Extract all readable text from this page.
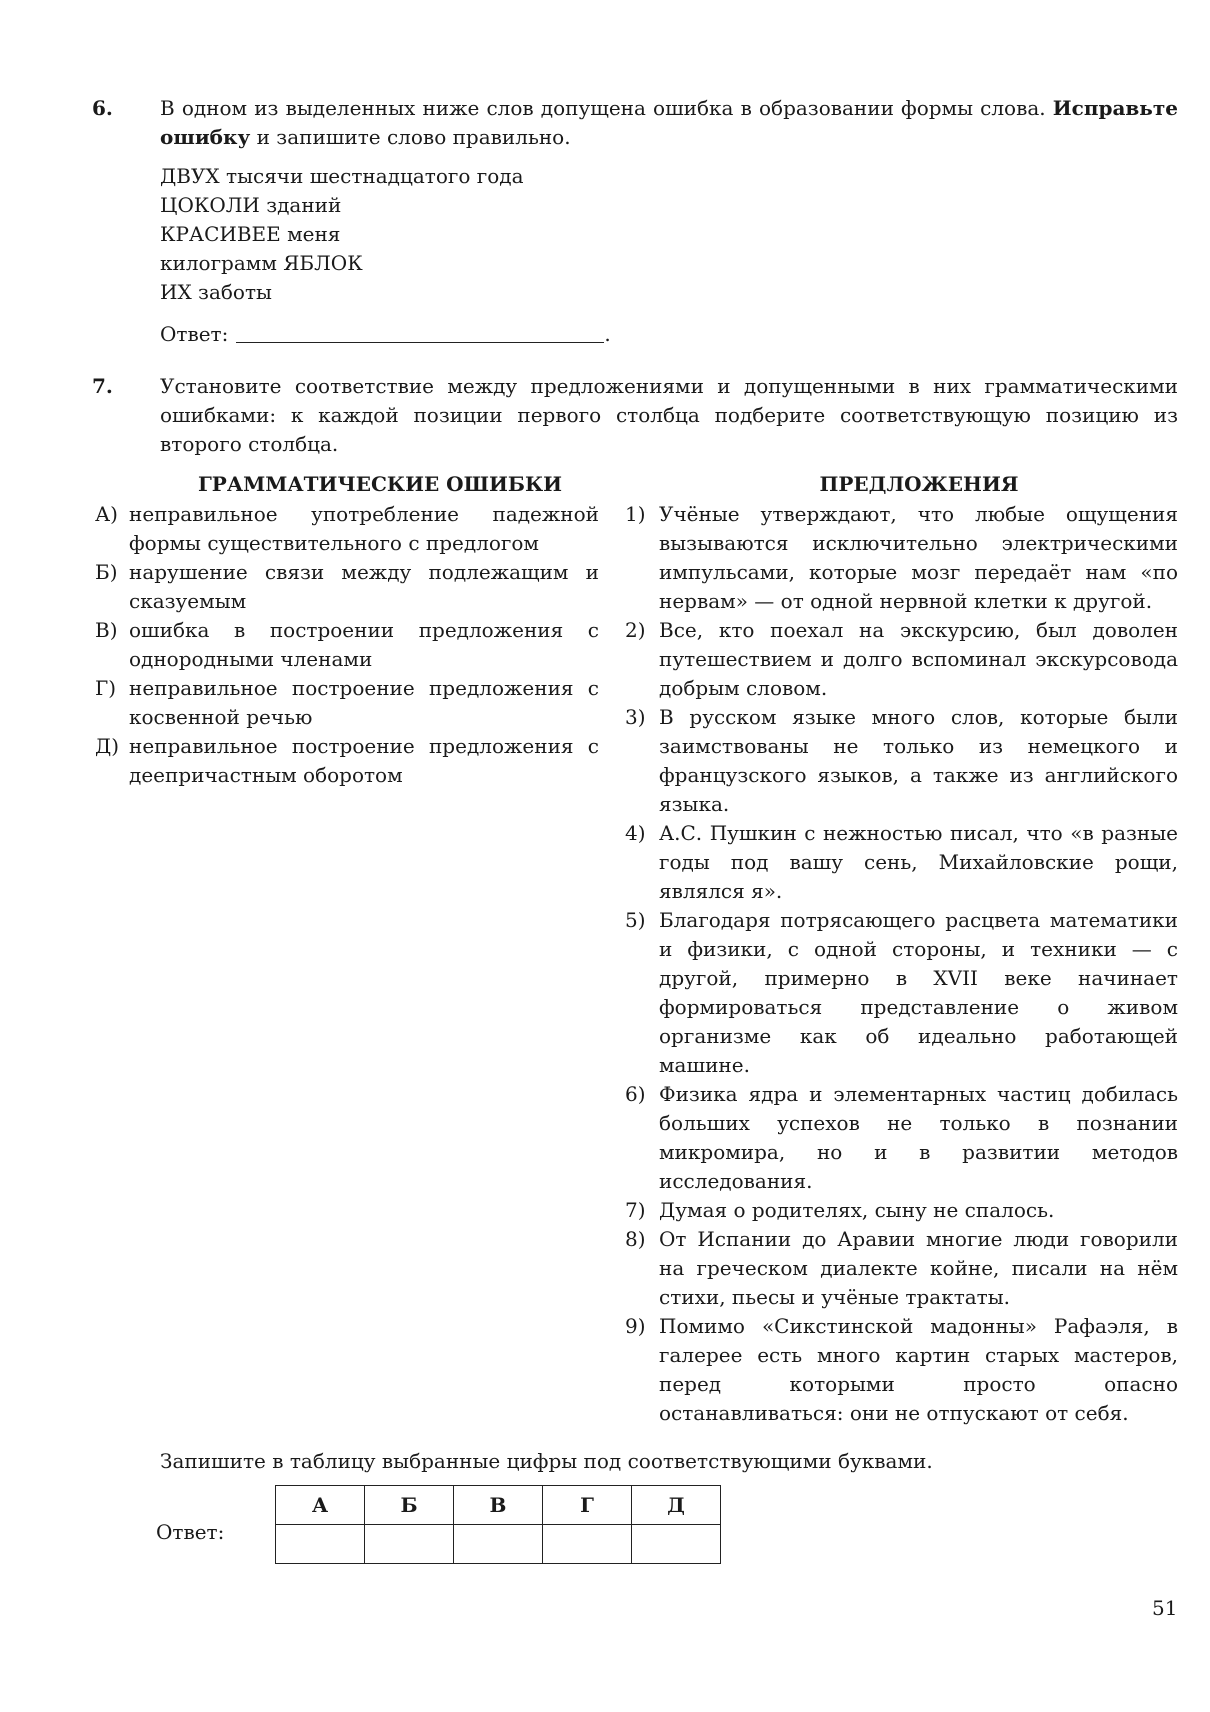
6. В одном из выделенных ниже слов допущена ошибка в образовании формы слова. Исправьте ошибку и запишите слово правильно.
ДВУХ тысячи шестнадцатого года
ЦОКОЛИ зданий
КРАСИВЕЕ меня
килограмм ЯБЛОК
ИХ заботы
Ответ:	.
7. Установите соответствие между предложениями и допущенными в них грамматическими ошибками: к каждой позиции первого столбца подберите соответствующую позицию из второго столбца.
ГРАММАТИЧЕСКИЕ ОШИБКИ	ПРЕДЛОЖЕНИЯ
А) неправильное употребление падежной формы существительного с предлогом
Б) нарушение связи между подлежащим и сказуемым
В) ошибка в построении предложения с однородными членами
Г) неправильное построение предложения с косвенной речью
Д) неправильное построение предложения с деепричастным оборотом
1) Учёные утверждают, что любые ощущения вызываются исключительно электрическими импульсами, которые мозг передаёт нам «по нервам» — от одной нервной клетки к другой.
2) Все, кто поехал на экскурсию, был доволен путешествием и долго вспоминал экскурсовода добрым словом.
3) В русском языке много слов, которые были заимствованы не только из немецкого и французского языков, а также из английского языка.
4) А.С. Пушкин с нежностью писал, что «в разные годы под вашу сень, Михайловские рощи, являлся я».
5) Благодаря потрясающего расцвета математики и физики, с одной стороны, и техники — с другой, примерно в XVII веке начинает формироваться представление о живом организме как об идеально работающей машине.
6) Физика ядра и элементарных частиц добилась больших успехов не только в познании микромира, но и в развитии методов исследования.
7) Думая о родителях, сыну не спалось.
8) От Испании до Аравии многие люди говорили на греческом диалекте койне, писали на нём стихи, пьесы и учёные трактаты.
9) Помимо «Сикстинской мадонны» Рафаэля, в галерее есть много картин старых мастеров, перед которыми просто опасно останавливаться: они не отпускают от себя.
Запишите в таблицу выбранные цифры под соответствующими буквами.
Ответ:
А	Б	В	Г	Д

51
